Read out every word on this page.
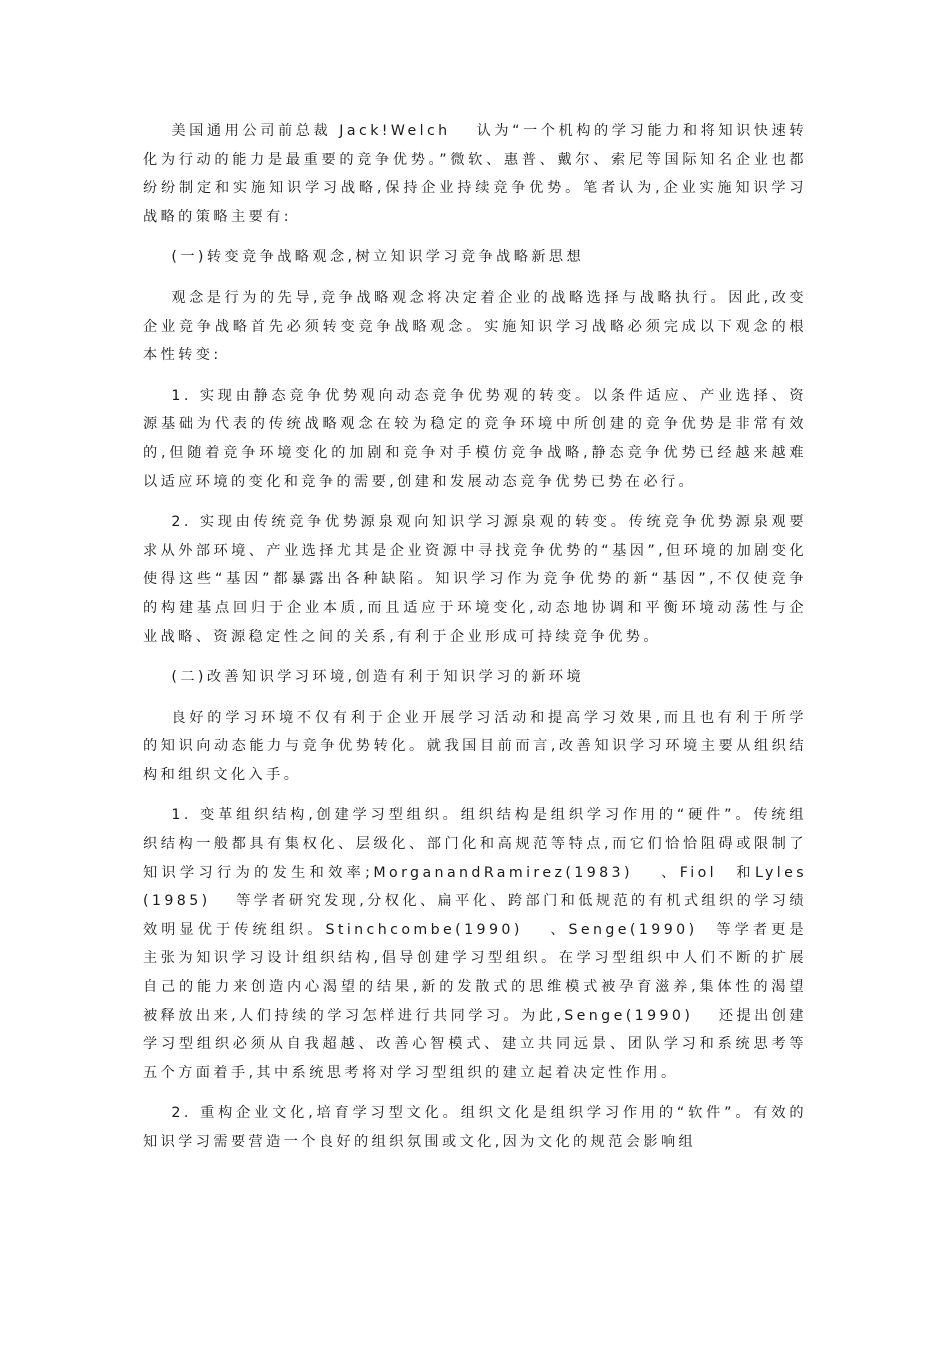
美国通用公司前总裁 Jack!Welch　 认为“一个机构的学习能力和将知识快速转化为行动的能力是最重要的竞争优势。”微软、惠普、戴尔、索尼等国际知名企业也都纷纷制定和实施知识学习战略,保持企业持续竞争优势。笔者认为,企业实施知识学习战略的策略主要有:

(一)转变竞争战略观念,树立知识学习竞争战略新思想

观念是行为的先导,竞争战略观念将决定着企业的战略选择与战略执行。因此,改变企业竞争战略首先必须转变竞争战略观念。实施知识学习战略必须完成以下观念的根本性转变:

1. 实现由静态竞争优势观向动态竞争优势观的转变。以条件适应、产业选择、资源基础为代表的传统战略观念在较为稳定的竞争环境中所创建的竞争优势是非常有效的,但随着竞争环境变化的加剧和竞争对手模仿竞争战略,静态竞争优势已经越来越难以适应环境的变化和竞争的需要,创建和发展动态竞争优势已势在必行。

2. 实现由传统竞争优势源泉观向知识学习源泉观的转变。传统竞争优势源泉观要求从外部环境、产业选择尤其是企业资源中寻找竞争优势的“基因”,但环境的加剧变化使得这些“基因”都暴露出各种缺陷。知识学习作为竞争优势的新“基因”,不仅使竞争的构建基点回归于企业本质,而且适应于环境变化,动态地协调和平衡环境动荡性与企业战略、资源稳定性之间的关系,有利于企业形成可持续竞争优势。

(二)改善知识学习环境,创造有利于知识学习的新环境

良好的学习环境不仅有利于企业开展学习活动和提高学习效果,而且也有利于所学的知识向动态能力与竞争优势转化。就我国目前而言,改善知识学习环境主要从组织结构和组织文化入手。

1. 变革组织结构,创建学习型组织。组织结构是组织学习作用的“硬件”。传统组织结构一般都具有集权化、层级化、部门化和高规范等特点,而它们恰恰阻碍或限制了知识学习行为的发生和效率;MorganandRamirez(1983)　 、Fiol　和Lyles(1985)　 等学者研究发现,分权化、扁平化、跨部门和低规范的有机式组织的学习绩效明显优于传统组织。Stinchcombe(1990)　 、Senge(1990)　等学者更是主张为知识学习设计组织结构,倡导创建学习型组织。在学习型组织中人们不断的扩展自己的能力来创造内心渴望的结果,新的发散式的思维模式被孕育滋养,集体性的渴望被释放出来,人们持续的学习怎样进行共同学习。为此,Senge(1990)　 还提出创建学习型组织必须从自我超越、改善心智模式、建立共同远景、团队学习和系统思考等五个方面着手,其中系统思考将对学习型组织的建立起着决定性作用。

2. 重构企业文化,培育学习型文化。组织文化是组织学习作用的“软件”。有效的知识学习需要营造一个良好的组织氛围或文化,因为文化的规范会影响组
